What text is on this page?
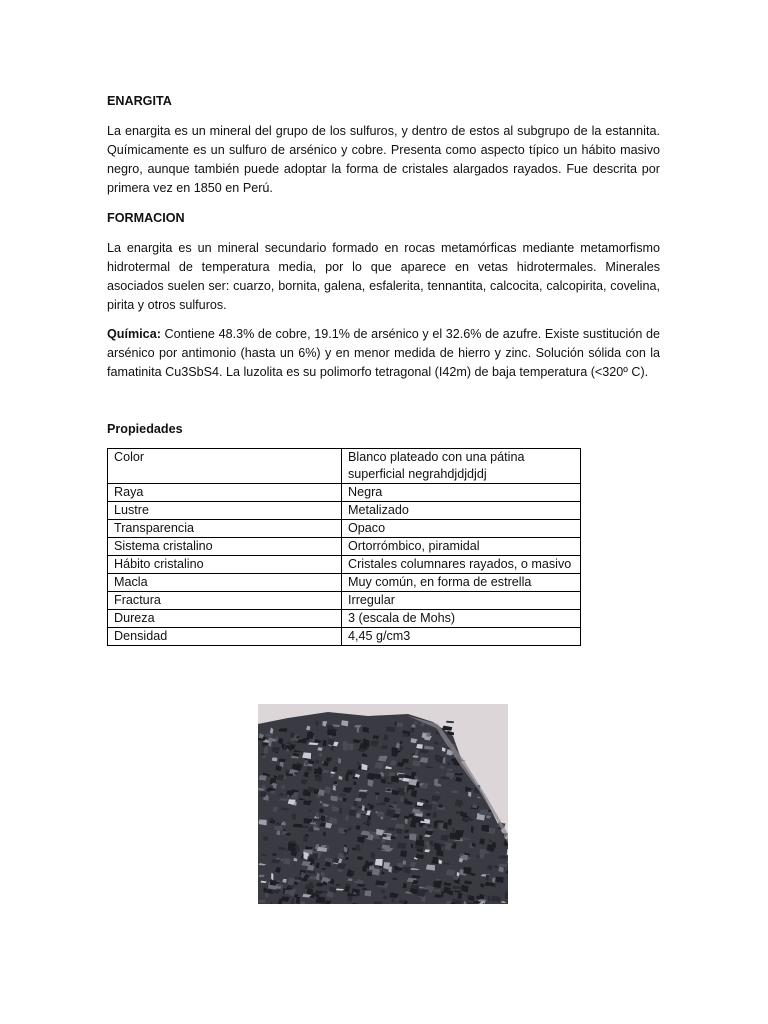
ENARGITA

La enargita es un mineral del grupo de los sulfuros, y dentro de estos al subgrupo de la estannita. Químicamente es un sulfuro de arsénico y cobre. Presenta como aspecto típico un hábito masivo negro, aunque también puede adoptar la forma de cristales alargados rayados. Fue descrita por primera vez en 1850 en Perú.

FORMACION

La enargita es un mineral secundario formado en rocas metamórficas mediante metamorfismo hidrotermal de temperatura media, por lo que aparece en vetas hidrotermales. Minerales asociados suelen ser: cuarzo, bornita, galena, esfalerita, tennantita, calcocita, calcopirita, covelina, pirita y otros sulfuros.

Química: Contiene 48.3% de cobre, 19.1% de arsénico y el 32.6% de azufre. Existe sustitución de arsénico por antimonio (hasta un 6%) y en menor medida de hierro y zinc. Solución sólida con la famatinita Cu3SbS4. La luzolita es su polimorfo tetragonal (I42m) de baja temperatura (<320º C).

Propiedades

Color	Blanco plateado con una pátina superficial negrahdjdjdjdj
Raya	Negra
Lustre	Metalizado
Transparencia	Opaco
Sistema cristalino	Ortorrómbico, piramidal
Hábito cristalino	Cristales columnares rayados, o masivo
Macla	Muy común, en forma de estrella
Fractura	Irregular
Dureza	3 (escala de Mohs)
Densidad	4,45 g/cm3
